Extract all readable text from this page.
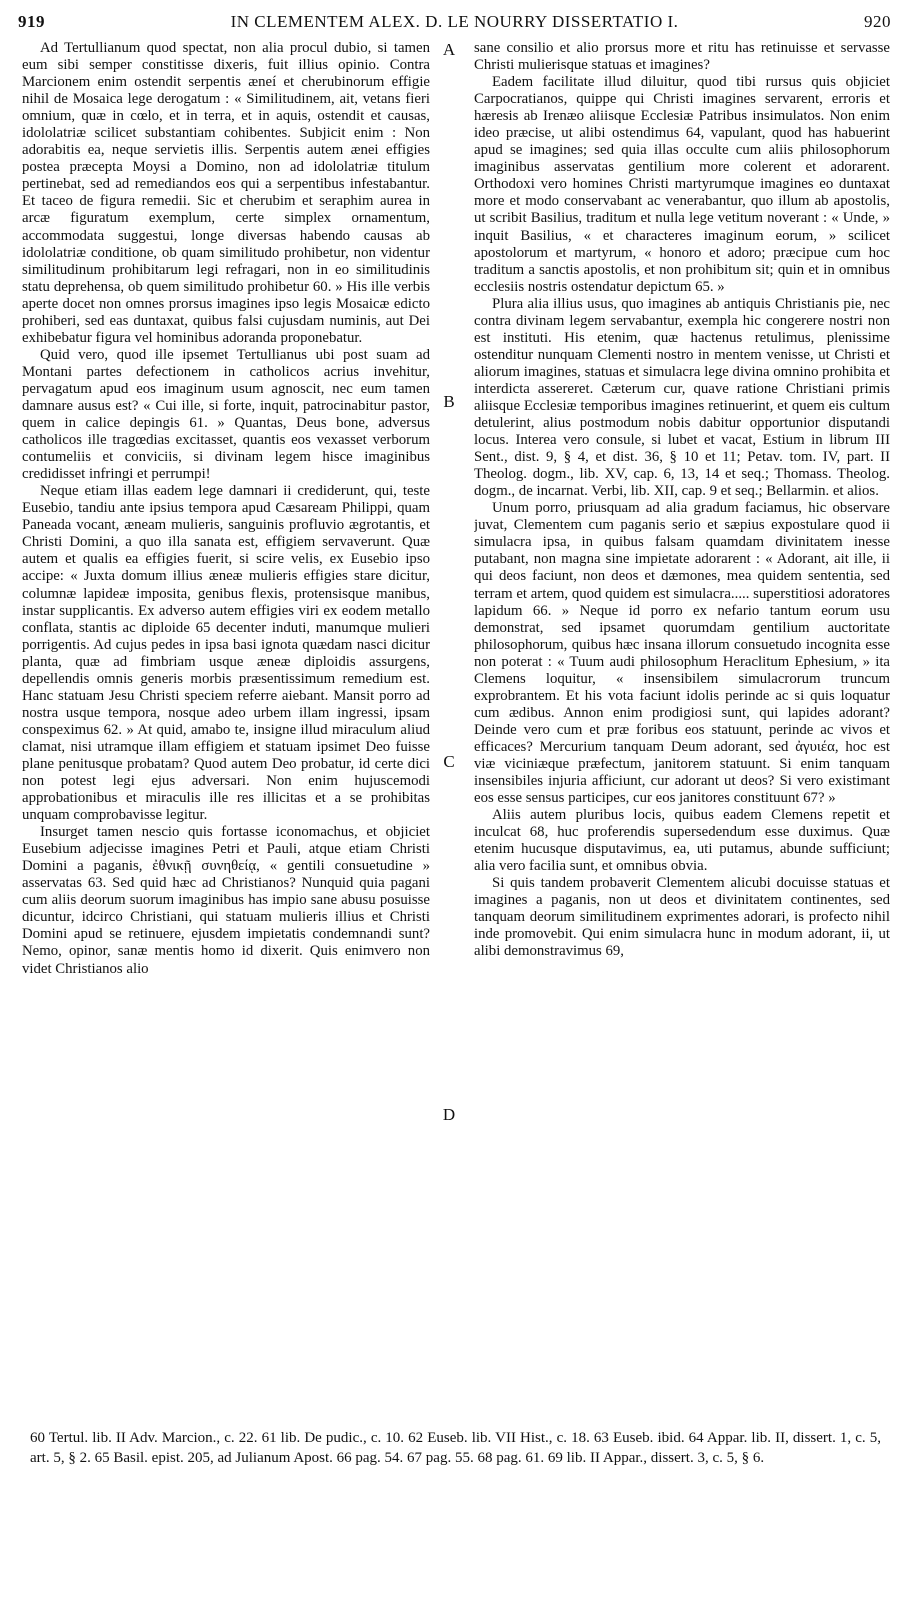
919	IN CLEMENTEM ALEX. D. LE NOURRY DISSERTATIO I.	920

Ad Tertullianum quod spectat, non alia procul dubio, si tamen eum sibi semper constitisse dixeris, fuit illius opinio. Contra Marcionem enim ostendit serpentis æneí et cherubinorum effigie nihil de Mosaica lege derogatum : « Similitudinem, ait, vetans fieri omnium, quæ in cœlo, et in terra, et in aquis, ostendit et causas, idololatriæ scilicet substantiam cohibentes. Subjicit enim : Non adorabitis ea, neque servietis illis. Serpentis autem ænei effigies postea præcepta Moysi a Domino, non ad idololatriæ titulum pertinebat, sed ad remediandos eos qui a serpentibus infestabantur. Et taceo de figura remedii. Sic et cherubim et seraphim aurea in arcæ figuratum exemplum, certe simplex ornamentum, accommodata suggestui, longe diversas habendo causas ab idololatriæ conditione, ob quam similitudo prohibetur, non videntur similitudinum prohibitarum legi refragari, non in eo similitudinis statu deprehensa, ob quem similitudo prohibetur 60. » His ille verbis aperte docet non omnes prorsus imagines ipso legis Mosaicæ edicto prohiberi, sed eas duntaxat, quibus falsi cujusdam numinis, aut Dei exhibebatur figura vel hominibus adoranda proponebatur.

Quid vero, quod ille ipsemet Tertullianus ubi post suam ad Montani partes defectionem in catholicos acrius invehitur, pervagatum apud eos imaginum usum agnoscit, nec eum tamen damnare ausus est? « Cui ille, si forte, inquit, patrocinabitur pastor, quem in calice depingis 61. » Quantas, Deus bone, adversus catholicos ille tragœdias excitasset, quantis eos vexasset verborum contumeliis et conviciis, si divinam legem hisce imaginibus credidisset infringi et perrumpi!

Neque etiam illas eadem lege damnari ii crediderunt, qui, teste Eusebio, tandiu ante ipsius tempora apud Cæsaream Philippi, quam Paneada vocant, æneam mulieris, sanguinis profluvio ægrotantis, et Christi Domini, a quo illa sanata est, effigiem servaverunt. Quæ autem et qualis ea effigies fuerit, si scire velis, ex Eusebio ipso accipe: « Juxta domum illius æneæ mulieris effigies stare dicitur, columnæ lapideæ imposita, genibus flexis, protensisque manibus, instar supplicantis. Ex adverso autem effigies viri ex eodem metallo conflata, stantis ac diploide 65 decenter induti, manumque mulieri porrigentis. Ad cujus pedes in ipsa basi ignota quædam nasci dicitur planta, quæ ad fimbriam usque æneæ diploidis assurgens, depellendis omnis generis morbis præsentissimum remedium est. Hanc statuam Jesu Christi speciem referre aiebant. Mansit porro ad nostra usque tempora, nosque adeo urbem illam ingressi, ipsam conspeximus 62. » At quid, amabo te, insigne illud miraculum aliud clamat, nisi utramque illam effigiem et statuam ipsimet Deo fuisse plane penitusque probatam? Quod autem Deo probatur, id certe dici non potest legi ejus adversari. Non enim hujuscemodi approbationibus et miraculis ille res illicitas et a se prohibitas unquam comprobavisse legitur.

Insurget tamen nescio quis fortasse iconomachus, et objiciet Eusebium adjecisse imagines Petri et Pauli, atque etiam Christi Domini a paganis, ἐθνικῇ συνηθείᾳ, « gentili consuetudine » asservatas 63. Sed quid hæc ad Christianos? Nunquid quia pagani cum aliis deorum suorum imaginibus has impio sane abusu posuisse dicuntur, idcirco Christiani, qui statuam mulieris illius et Christi Domini apud se retinuere, ejusdem impietatis condemnandi sunt? Nemo, opinor, sanæ mentis homo id dixerit. Quis enimvero non videt Christianos alio

A
B
C
D

sane consilio et alio prorsus more et ritu has retinuisse et servasse Christi mulierisque statuas et imagines?

Eadem facilitate illud diluitur, quod tibi rursus quis objiciet Carpocratianos, quippe qui Christi imagines servarent, erroris et hæresis ab Irenæo aliisque Ecclesiæ Patribus insimulatos. Non enim ideo præcise, ut alibi ostendimus 64, vapulant, quod has habuerint apud se imagines; sed quia illas occulte cum aliis philosophorum imaginibus asservatas gentilium more colerent et adorarent. Orthodoxi vero homines Christi martyrumque imagines eo duntaxat more et modo conservabant ac venerabantur, quo illum ab apostolis, ut scribit Basilius, traditum et nulla lege vetitum noverant : « Unde, » inquit Basilius, « et characteres imaginum eorum, » scilicet apostolorum et martyrum, « honoro et adoro; præcipue cum hoc traditum a sanctis apostolis, et non prohibitum sit; quin et in omnibus ecclesiis nostris ostendatur depictum 65. »

Plura alia illius usus, quo imagines ab antiquis Christianis pie, nec contra divinam legem servabantur, exempla hic congerere nostri non est instituti. His etenim, quæ hactenus retulimus, plenissime ostenditur nunquam Clementi nostro in mentem venisse, ut Christi et aliorum imagines, statuas et simulacra lege divina omnino prohibita et interdicta assereret. Cæterum cur, quave ratione Christiani primis aliisque Ecclesiæ temporibus imagines retinuerint, et quem eis cultum detulerint, alius postmodum nobis dabitur opportunior disputandi locus. Interea vero consule, si lubet et vacat, Estium in librum III Sent., dist. 9, § 4, et dist. 36, § 10 et 11; Petav. tom. IV, part. II Theolog. dogm., lib. XV, cap. 6, 13, 14 et seq.; Thomass. Theolog. dogm., de incarnat. Verbi, lib. XII, cap. 9 et seq.; Bellarmin. et alios.

Unum porro, priusquam ad alia gradum faciamus, hic observare juvat, Clementem cum paganis serio et sæpius expostulare quod ii simulacra ipsa, in quibus falsam quamdam divinitatem inesse putabant, non magna sine impietate adorarent : « Adorant, ait ille, ii qui deos faciunt, non deos et dæmones, mea quidem sententia, sed terram et artem, quod quidem est simulacra..... superstitiosi adoratores lapidum 66. » Neque id porro ex nefario tantum eorum usu demonstrat, sed ipsamet quorumdam gentilium auctoritate philosophorum, quibus hæc insana illorum consuetudo incognita esse non poterat : « Tuum audi philosophum Heraclitum Ephesium, » ita Clemens loquitur, « insensibilem simulacrorum truncum exprobrantem. Et his vota faciunt idolis perinde ac si quis loquatur cum ædibus. Annon enim prodigiosi sunt, qui lapides adorant? Deinde vero cum et præ foribus eos statuunt, perinde ac vivos et efficaces? Mercurium tanquam Deum adorant, sed ἀγυιέα, hoc est viæ viciniæque præfectum, janitorem statuunt. Si enim tanquam insensibiles injuria afficiunt, cur adorant ut deos? Si vero existimant eos esse sensus participes, cur eos janitores constituunt 67? »

Aliis autem pluribus locis, quibus eadem Clemens repetit et inculcat 68, huc proferendis supersedendum esse duximus. Quæ etenim hucusque disputavimus, ea, uti putamus, abunde sufficiunt; alia vero facilia sunt, et omnibus obvia.

Si quis tandem probaverit Clementem alicubi docuisse statuas et imagines a paganis, non ut deos et divinitatem continentes, sed tanquam deorum similitudinem exprimentes adorari, is profecto nihil inde promovebit. Qui enim simulacra hunc in modum adorant, ii, ut alibi demonstravimus 69,

60 Tertul. lib. II Adv. Marcion., c. 22. 61 lib. De pudic., c. 10. 62 Euseb. lib. VII Hist., c. 18. 63 Euseb. ibid. 64 Appar. lib. II, dissert. 1, c. 5, art. 5, § 2. 65 Basil. epist. 205, ad Julianum Apost. 66 pag. 54. 67 pag. 55. 68 pag. 61. 69 lib. II Appar., dissert. 3, c. 5, § 6.
